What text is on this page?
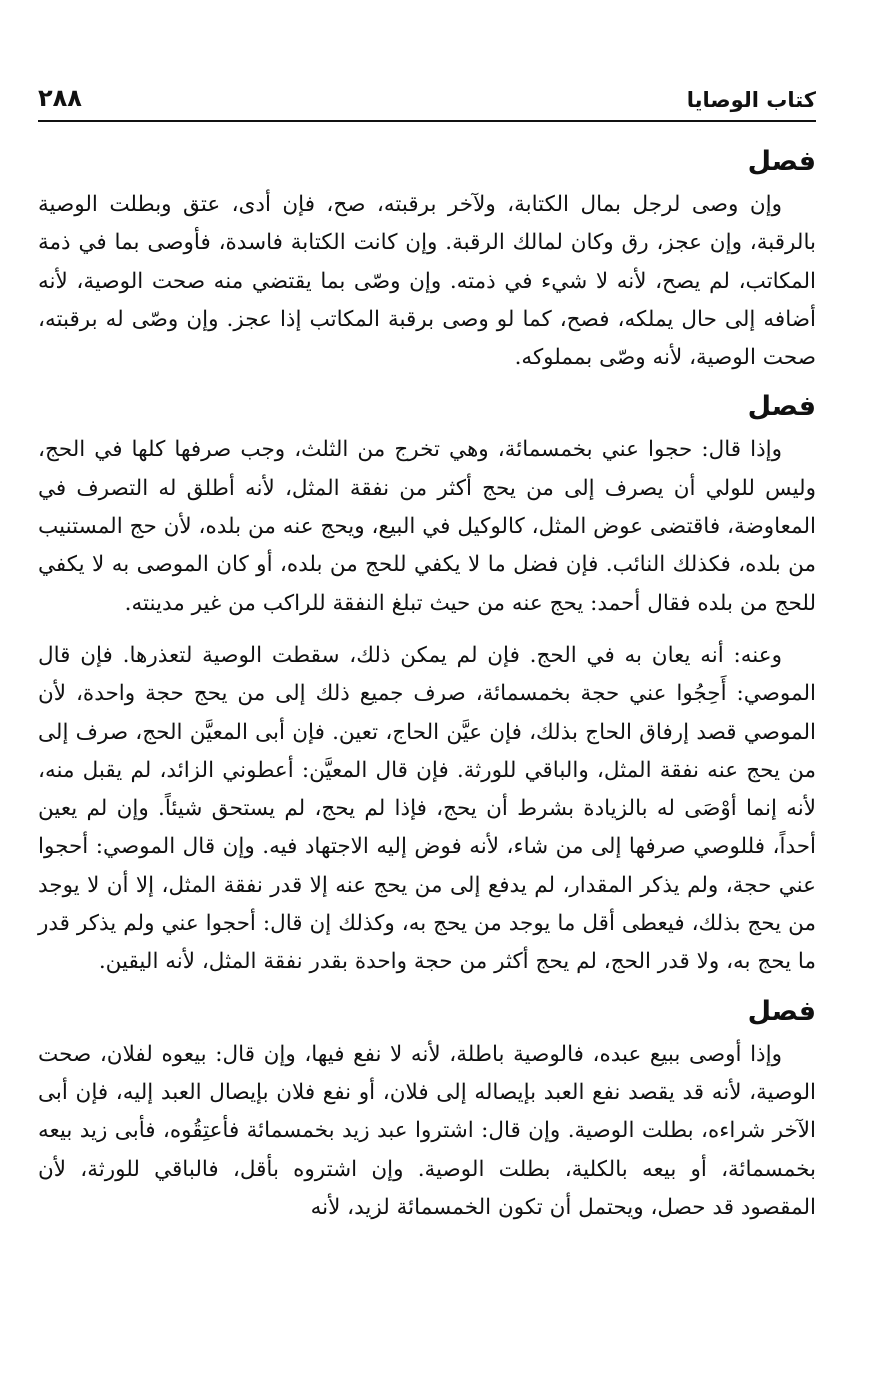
كتاب الوصايا
٢٨٨
فصل

وإن وصى لرجل بمال الكتابة، ولآخر برقبته، صح، فإن أدى، عتق وبطلت الوصية بالرقبة، وإن عجز، رق وكان لمالك الرقبة. وإن كانت الكتابة فاسدة، فأوصى بما في ذمة المكاتب، لم يصح، لأنه لا شيء في ذمته. وإن وصّى بما يقتضي منه صحت الوصية، لأنه أضافه إلى حال يملكه، فصح، كما لو وصى برقبة المكاتب إذا عجز. وإن وصّى له برقبته، صحت الوصية، لأنه وصّى بمملوكه.

فصل

وإذا قال: حجوا عني بخمسمائة، وهي تخرج من الثلث، وجب صرفها كلها في الحج، وليس للولي أن يصرف إلى من يحج أكثر من نفقة المثل، لأنه أطلق له التصرف في المعاوضة، فاقتضى عوض المثل، كالوكيل في البيع، ويحج عنه من بلده، لأن حج المستنيب من بلده، فكذلك النائب. فإن فضل ما لا يكفي للحج من بلده، أو كان الموصى به لا يكفي للحج من بلده فقال أحمد: يحج عنه من حيث تبلغ النفقة للراكب من غير مدينته.

وعنه: أنه يعان به في الحج. فإن لم يمكن ذلك، سقطت الوصية لتعذرها. فإن قال الموصي: أَحِجُوا عني حجة بخمسمائة، صرف جميع ذلك إلى من يحج حجة واحدة، لأن الموصي قصد إرفاق الحاج بذلك، فإن عيَّن الحاج، تعين. فإن أبى المعيَّن الحج، صرف إلى من يحج عنه نفقة المثل، والباقي للورثة. فإن قال المعيَّن: أعطوني الزائد، لم يقبل منه، لأنه إنما أوْصَى له بالزيادة بشرط أن يحج، فإذا لم يحج، لم يستحق شيئاً. وإن لم يعين أحداً، فللوصي صرفها إلى من شاء، لأنه فوض إليه الاجتهاد فيه. وإن قال الموصي: أحجوا عني حجة، ولم يذكر المقدار، لم يدفع إلى من يحج عنه إلا قدر نفقة المثل، إلا أن لا يوجد من يحج بذلك، فيعطى أقل ما يوجد من يحج به، وكذلك إن قال: أحجوا عني ولم يذكر قدر ما يحج به، ولا قدر الحج، لم يحج أكثر من حجة واحدة بقدر نفقة المثل، لأنه اليقين.

فصل

وإذا أوصى ببيع عبده، فالوصية باطلة، لأنه لا نفع فيها، وإن قال: بيعوه لفلان، صحت الوصية، لأنه قد يقصد نفع العبد بإيصاله إلى فلان، أو نفع فلان بإيصال العبد إليه، فإن أبى الآخر شراءه، بطلت الوصية. وإن قال: اشتروا عبد زيد بخمسمائة فأعتِقُوه، فأبى زيد بيعه بخمسمائة، أو بيعه بالكلية، بطلت الوصية. وإن اشتروه بأقل، فالباقي للورثة، لأن المقصود قد حصل، ويحتمل أن تكون الخمسمائة لزيد، لأنه
